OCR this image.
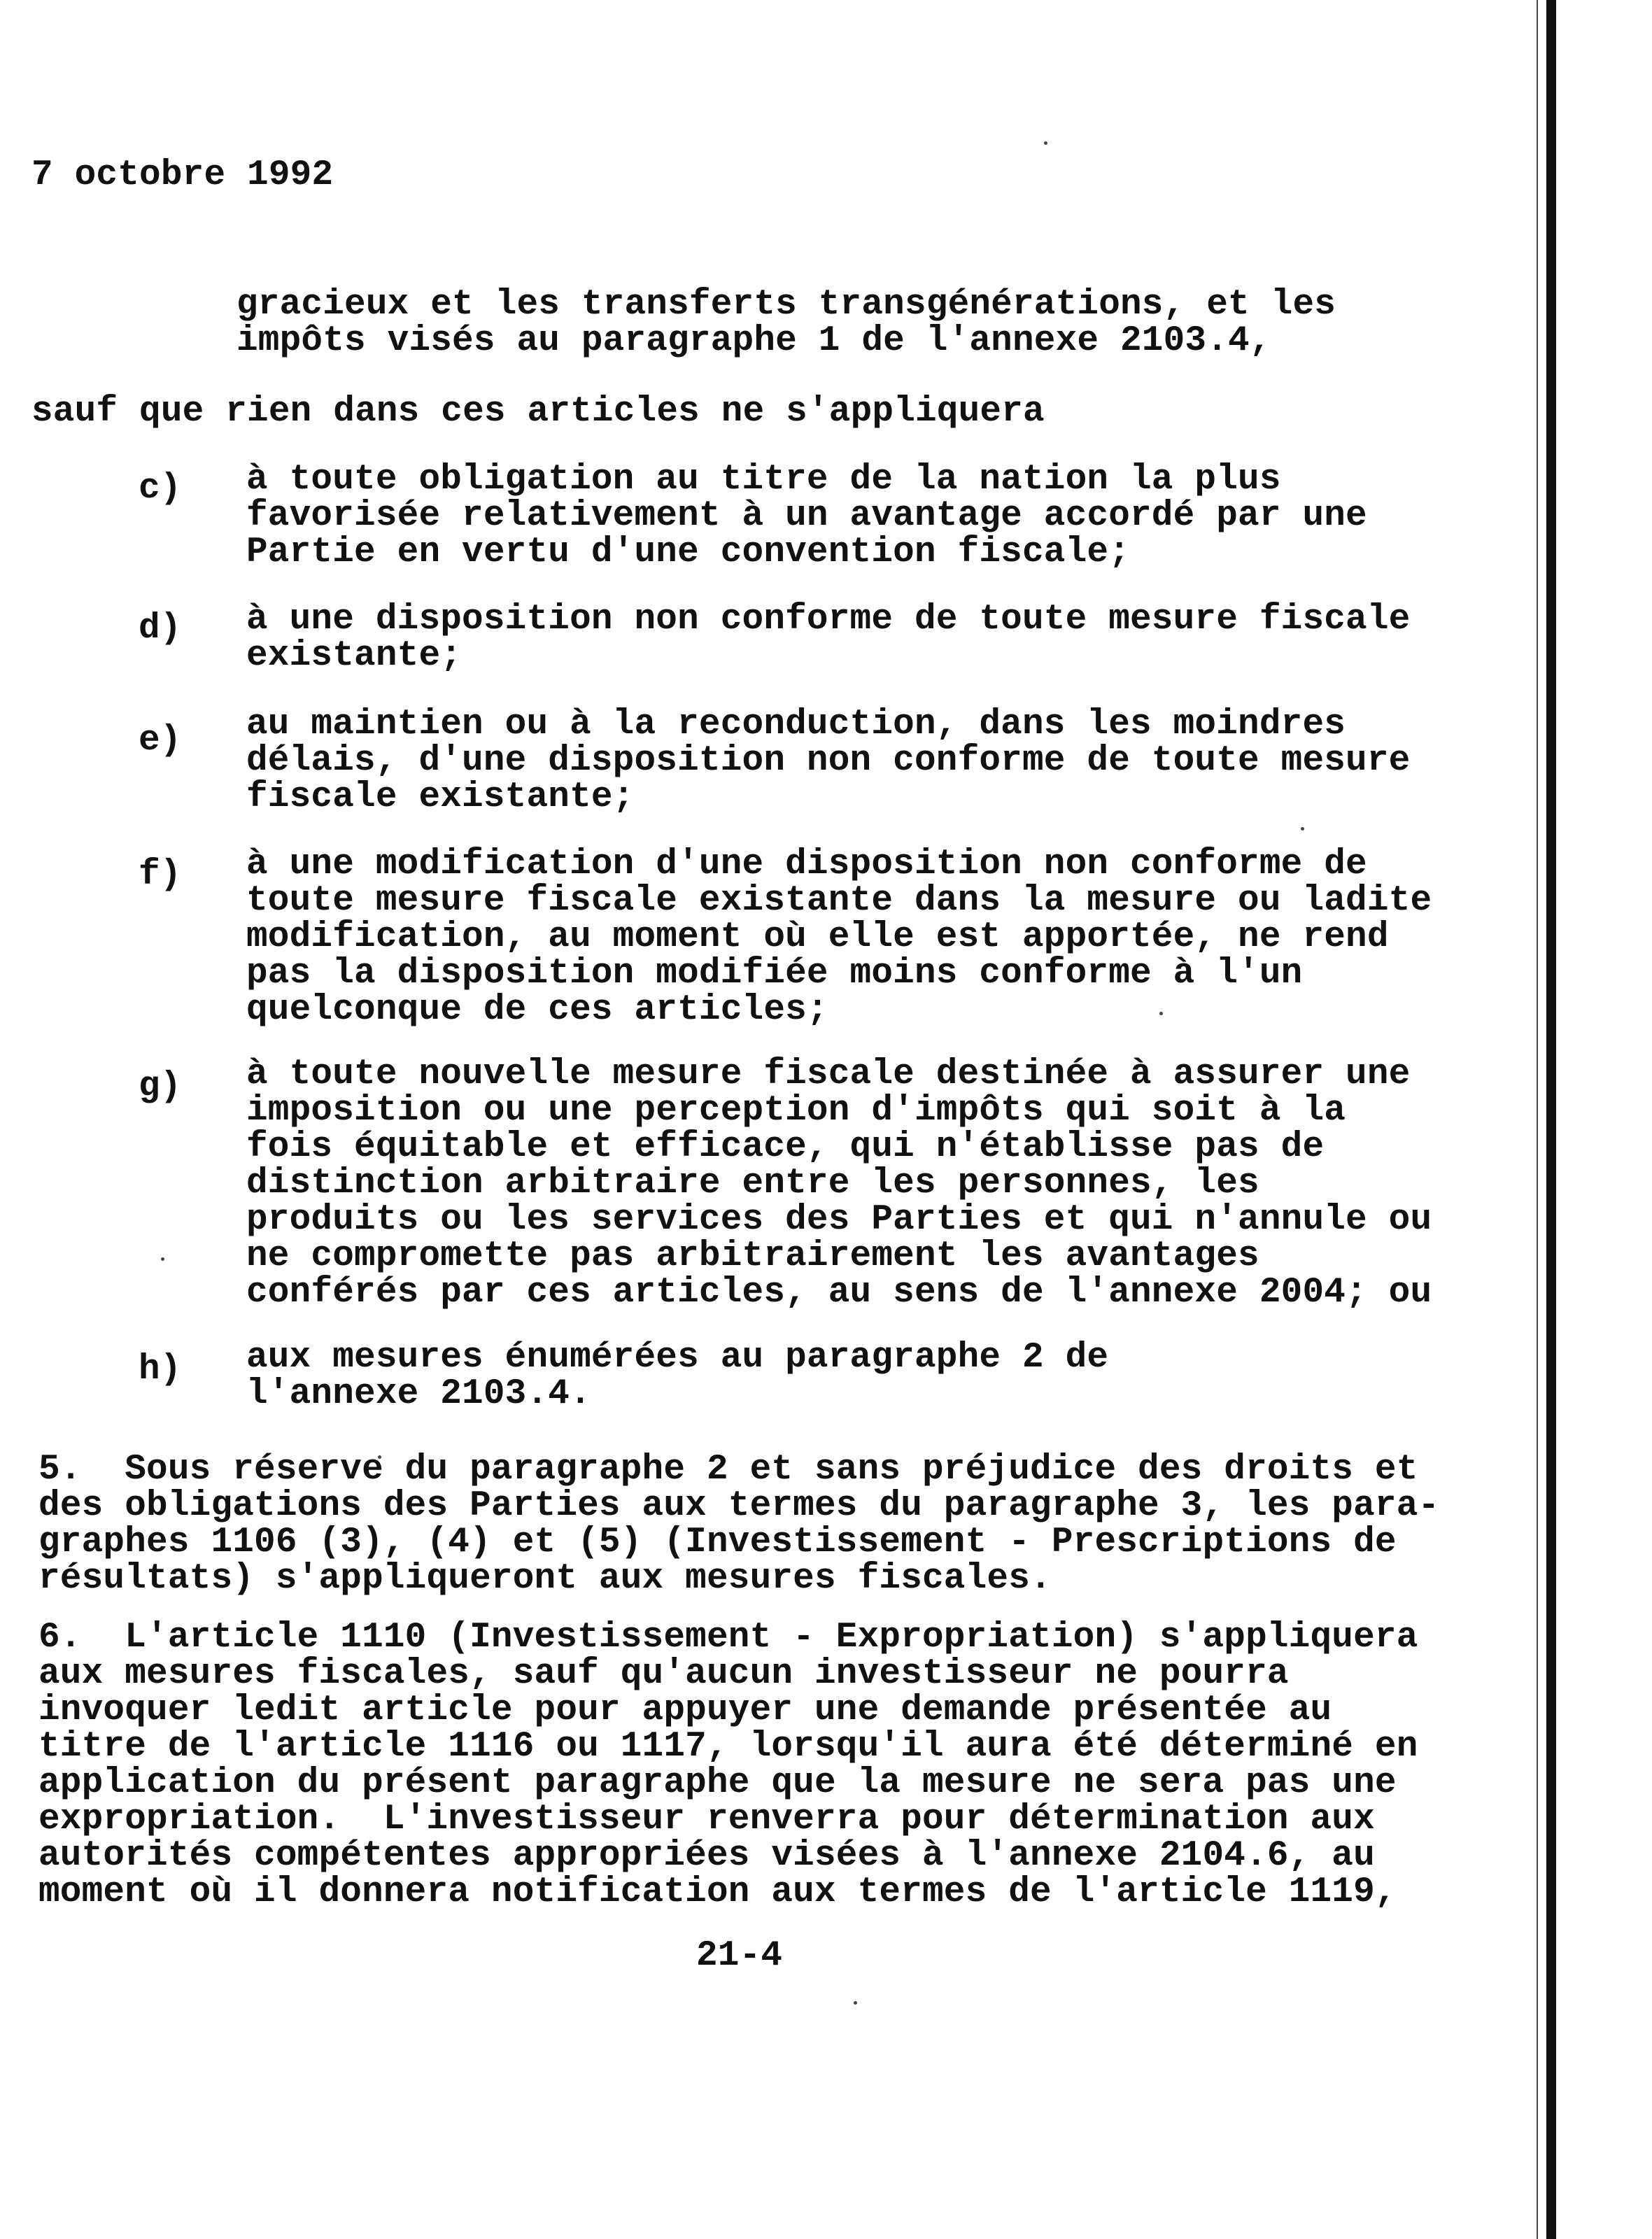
7 octobre 1992
gracieux et les transferts transgénérations, et les
impôts visés au paragraphe 1 de l'annexe 2103.4,
sauf que rien dans ces articles ne s'appliquera
c) à toute obligation au titre de la nation la plus
favorisée relativement à un avantage accordé par une
Partie en vertu d'une convention fiscale;
d) à une disposition non conforme de toute mesure fiscale
existante;
e) au maintien ou à la reconduction, dans les moindres
délais, d'une disposition non conforme de toute mesure
fiscale existante;
f) à une modification d'une disposition non conforme de
toute mesure fiscale existante dans la mesure ou ladite
modification, au moment où elle est apportée, ne rend
pas la disposition modifiée moins conforme à l'un
quelconque de ces articles;
g) à toute nouvelle mesure fiscale destinée à assurer une
imposition ou une perception d'impôts qui soit à la
fois équitable et efficace, qui n'établisse pas de
distinction arbitraire entre les personnes, les
produits ou les services des Parties et qui n'annule ou
ne compromette pas arbitrairement les avantages
conférés par ces articles, au sens de l'annexe 2004; ou
h) aux mesures énumérées au paragraphe 2 de
l'annexe 2103.4.
5.  Sous réserve du paragraphe 2 et sans préjudice des droits et
des obligations des Parties aux termes du paragraphe 3, les para-
graphes 1106 (3), (4) et (5) (Investissement - Prescriptions de
résultats) s'appliqueront aux mesures fiscales.
6.  L'article 1110 (Investissement - Expropriation) s'appliquera
aux mesures fiscales, sauf qu'aucun investisseur ne pourra
invoquer ledit article pour appuyer une demande présentée au
titre de l'article 1116 ou 1117, lorsqu'il aura été déterminé en
application du présent paragraphe que la mesure ne sera pas une
expropriation.  L'investisseur renverra pour détermination aux
autorités compétentes appropriées visées à l'annexe 2104.6, au
moment où il donnera notification aux termes de l'article 1119,
21-4
